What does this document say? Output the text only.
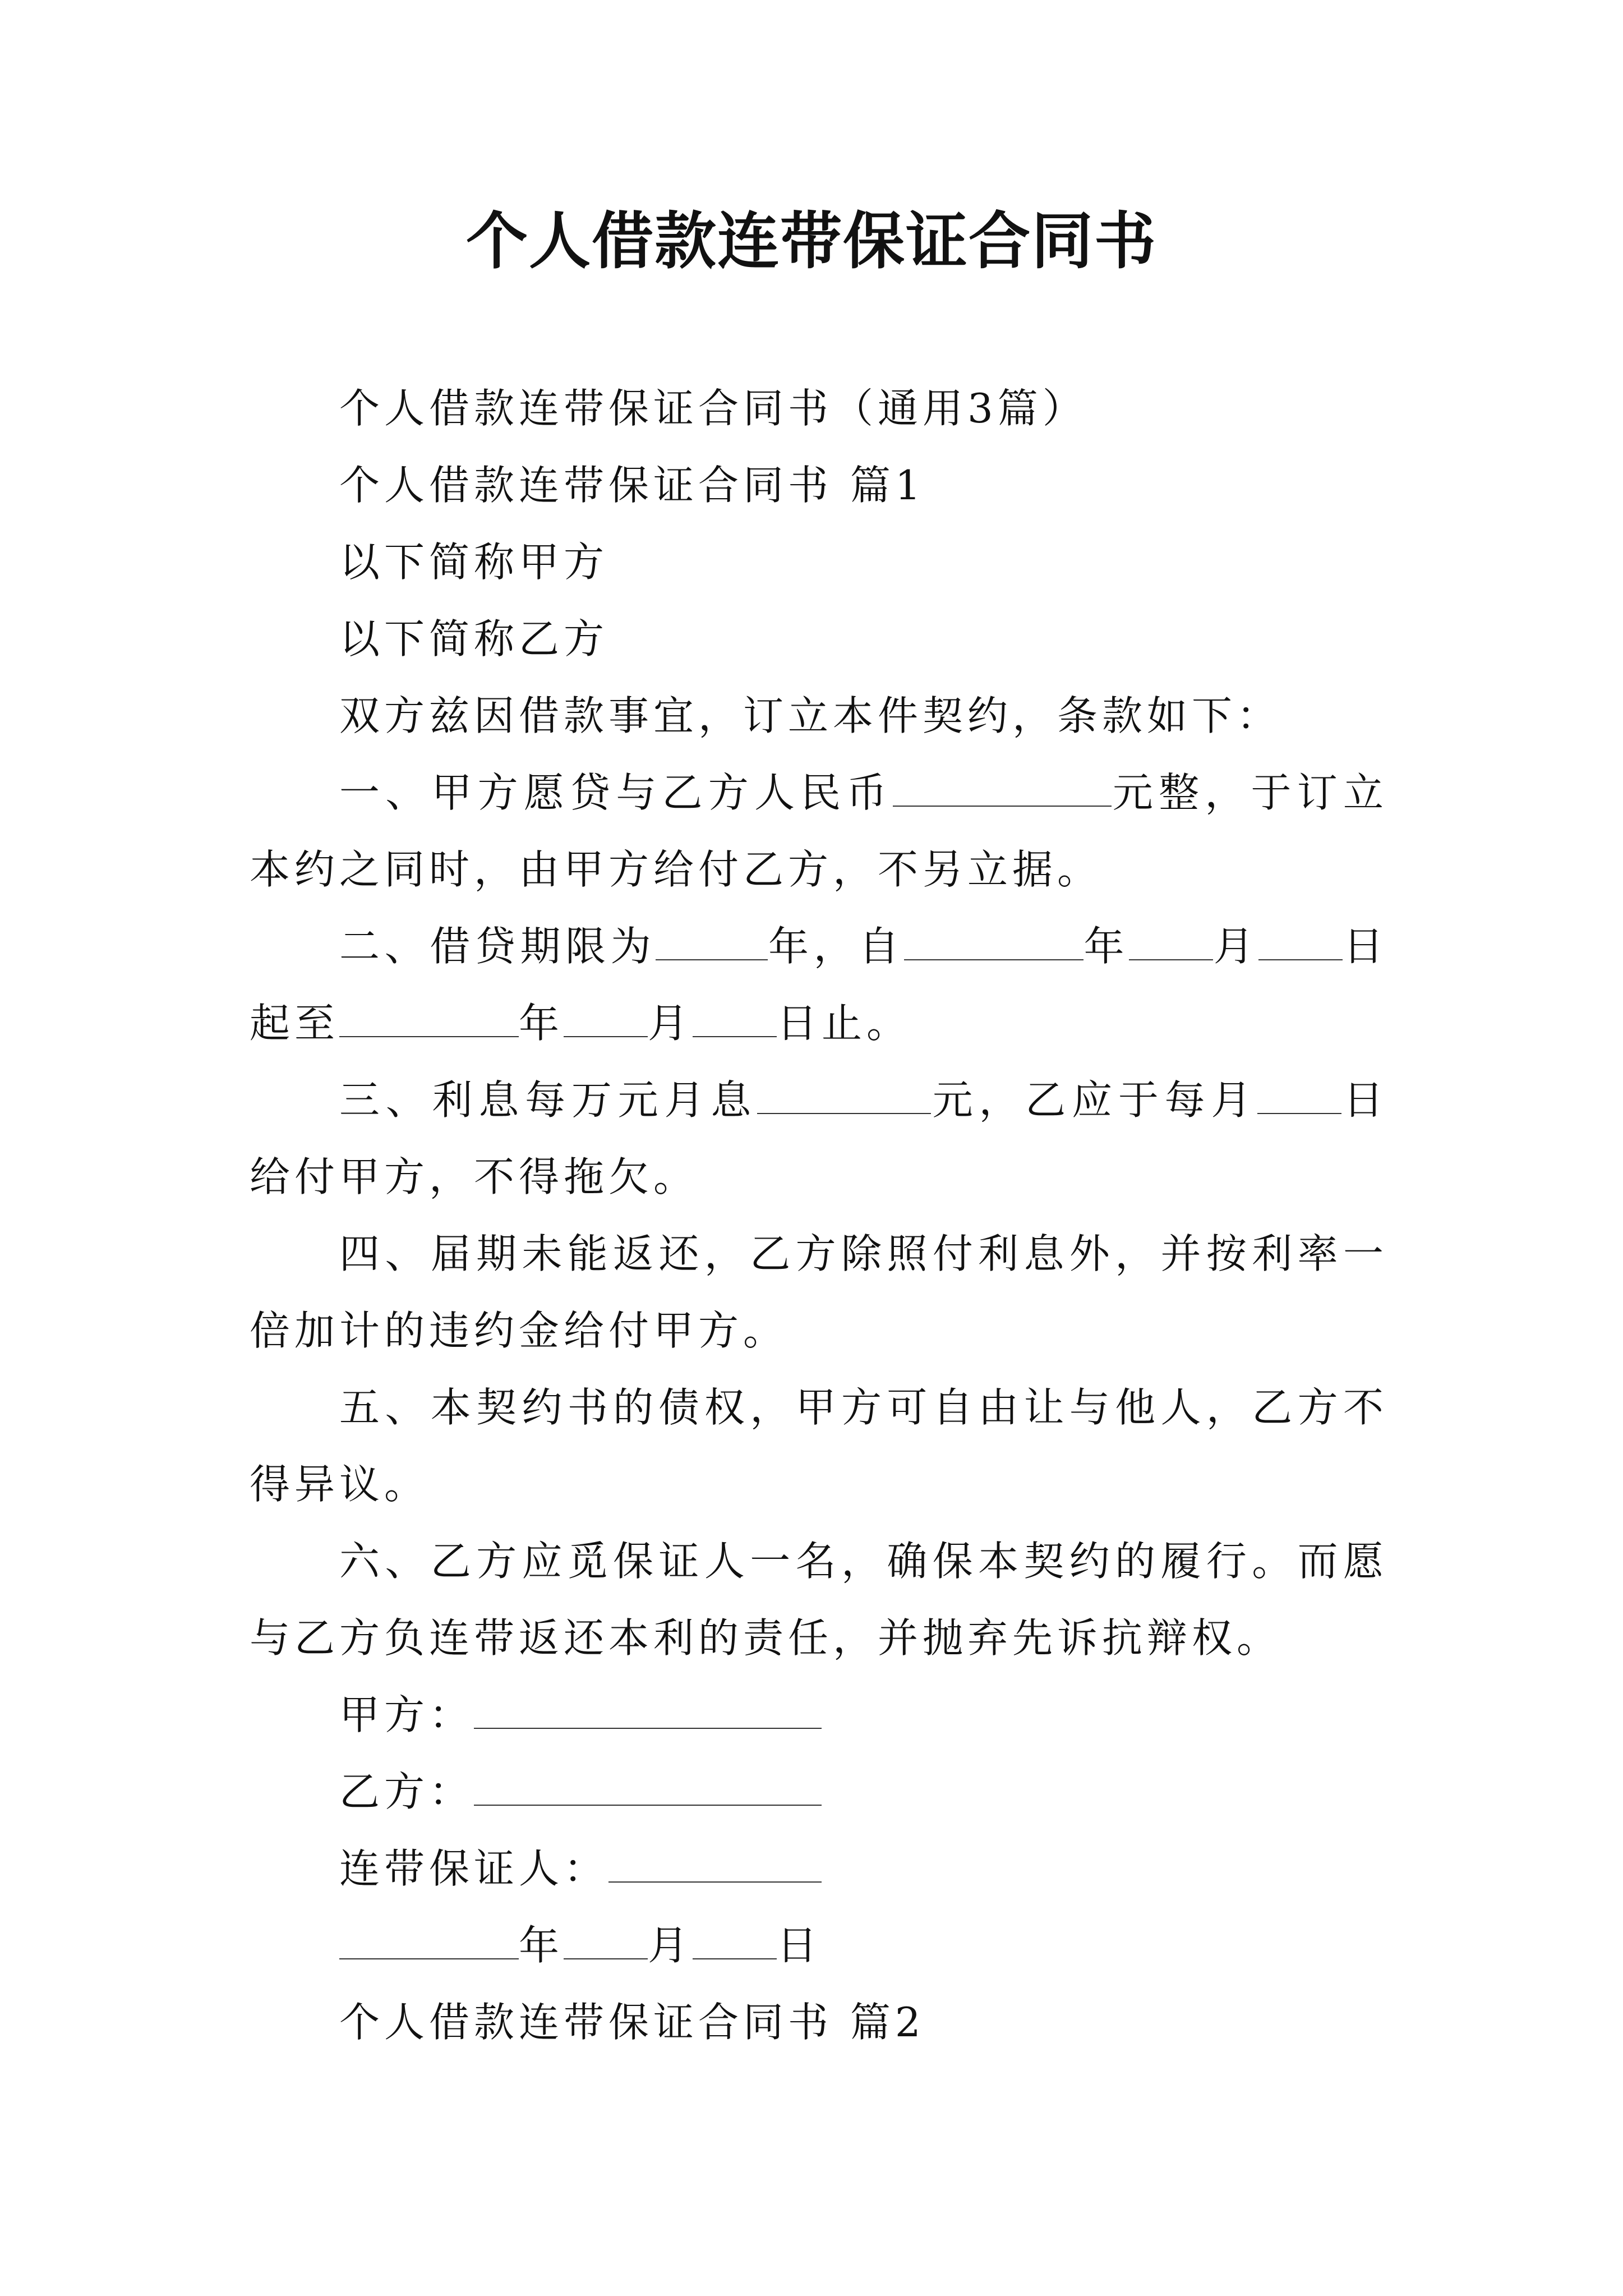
个人借款连带保证合同书

个人借款连带保证合同书（通用3篇）

个人借款连带保证合同书 篇1

以下简称甲方

以下简称乙方

双方兹因借款事宜，订立本件契约，条款如下：

一、甲方愿贷与乙方人民币	元整，于订立本约之同时，由甲方给付乙方，不另立据。

二、借贷期限为	年，自	年 月 日起至	年 月 日止。

三、利息每万元月息	元，乙应于每月 日给付甲方，不得拖欠。

四、届期未能返还，乙方除照付利息外，并按利率一倍加计的违约金给付甲方。

五、本契约书的债权，甲方可自由让与他人，乙方不得异议。

六、乙方应觅保证人一名，确保本契约的履行。而愿与乙方负连带返还本利的责任，并抛弃先诉抗辩权。

甲方：

乙方：

连带保证人：

年 月 日

个人借款连带保证合同书 篇2
